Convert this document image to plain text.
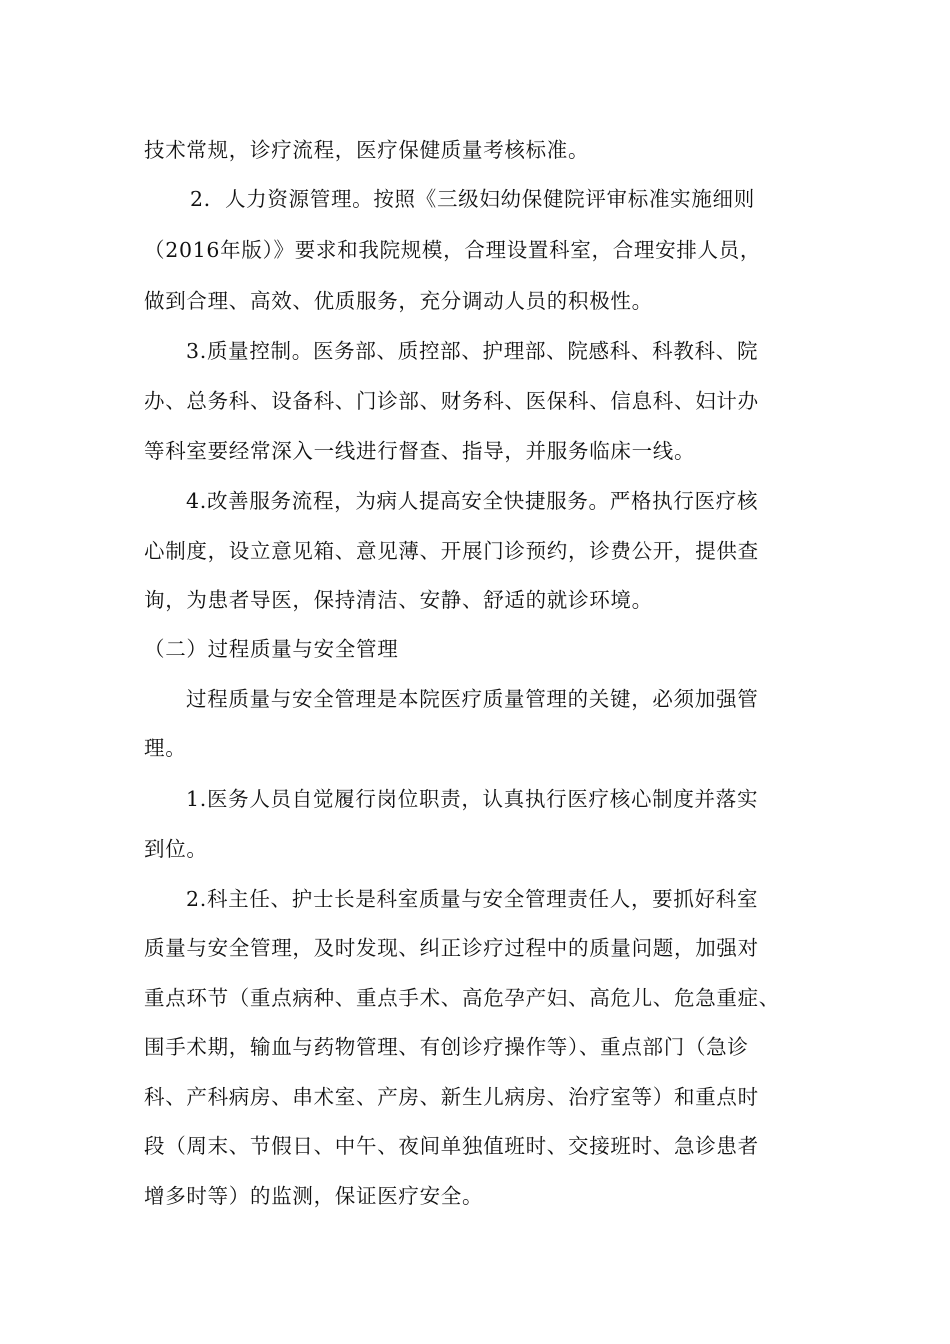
技术常规，诊疗流程，医疗保健质量考核标准。
2．人力资源管理。按照《三级妇幼保健院评审标准实施细则
（2016年版）》要求和我院规模，合理设置科室，合理安排人员，
做到合理、高效、优质服务，充分调动人员的积极性。
3.质量控制。医务部、质控部、护理部、院感科、科教科、院
办、总务科、设备科、门诊部、财务科、医保科、信息科、妇计办
等科室要经常深入一线进行督查、指导，并服务临床一线。
4.改善服务流程，为病人提高安全快捷服务。严格执行医疗核
心制度，设立意见箱、意见薄、开展门诊预约，诊费公开，提供查
询，为患者导医，保持清洁、安静、舒适的就诊环境。
（二）过程质量与安全管理
过程质量与安全管理是本院医疗质量管理的关键，必须加强管
理。
1.医务人员自觉履行岗位职责，认真执行医疗核心制度并落实
到位。
2.科主任、护士长是科室质量与安全管理责任人，要抓好科室
质量与安全管理，及时发现、纠正诊疗过程中的质量问题，加强对
重点环节（重点病种、重点手术、高危孕产妇、高危儿、危急重症、
围手术期，输血与药物管理、有创诊疗操作等）、重点部门（急诊
科、产科病房、串术室、产房、新生儿病房、治疗室等）和重点时
段（周末、节假日、中午、夜间单独值班时、交接班时、急诊患者
增多时等）的监测，保证医疗安全。
